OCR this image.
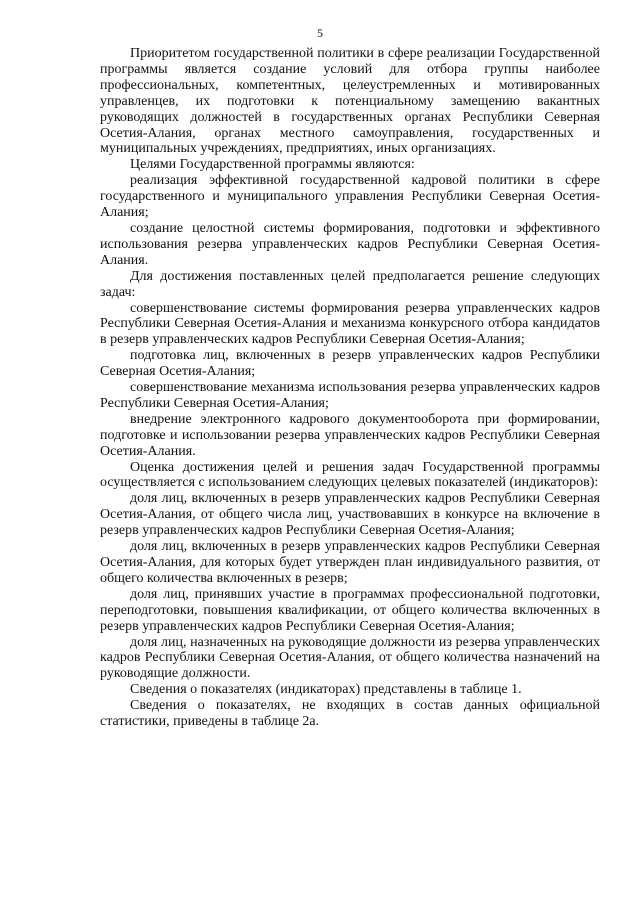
5

Приоритетом государственной политики в сфере реализации Государственной программы является создание условий для отбора группы наиболее профессиональных, компетентных, целеустремленных и мотивированных управленцев, их подготовки к потенциальному замещению вакантных руководящих должностей в государственных органах Республики Северная Осетия-Алания, органах местного самоуправления, государственных и муниципальных учреждениях, предприятиях, иных организациях.

Целями Государственной программы являются:

реализация эффективной государственной кадровой политики в сфере государственного и муниципального управления Республики Северная Осетия-Алания;

создание целостной системы формирования, подготовки и эффективного использования резерва управленческих кадров Республики Северная Осетия-Алания.

Для достижения поставленных целей предполагается решение следующих задач:

совершенствование системы формирования резерва управленческих кадров Республики Северная Осетия-Алания и механизма конкурсного отбора кандидатов в резерв управленческих кадров Республики Северная Осетия-Алания;

подготовка лиц, включенных в резерв управленческих кадров Республики Северная Осетия-Алания;

совершенствование механизма использования резерва управленческих кадров Республики Северная Осетия-Алания;

внедрение электронного кадрового документооборота при формировании, подготовке и использовании резерва управленческих кадров Республики Северная Осетия-Алания.

Оценка достижения целей и решения задач Государственной программы осуществляется с использованием следующих целевых показателей (индикаторов):

доля лиц, включенных в резерв управленческих кадров Республики Северная Осетия-Алания, от общего числа лиц, участвовавших в конкурсе на включение в резерв управленческих кадров Республики Северная Осетия-Алания;

доля лиц, включенных в резерв управленческих кадров Республики Северная Осетия-Алания, для которых будет утвержден план индивидуального развития, от общего количества включенных в резерв;

доля лиц, принявших участие в программах профессиональной подготовки, переподготовки, повышения квалификации, от общего количества включенных в резерв управленческих кадров Республики Северная Осетия-Алания;

доля лиц, назначенных на руководящие должности из резерва управленческих кадров Республики Северная Осетия-Алания, от общего количества назначений на руководящие должности.

Сведения о показателях (индикаторах) представлены в таблице 1.

Сведения о показателях, не входящих в состав данных официальной статистики, приведены в таблице 2а.
